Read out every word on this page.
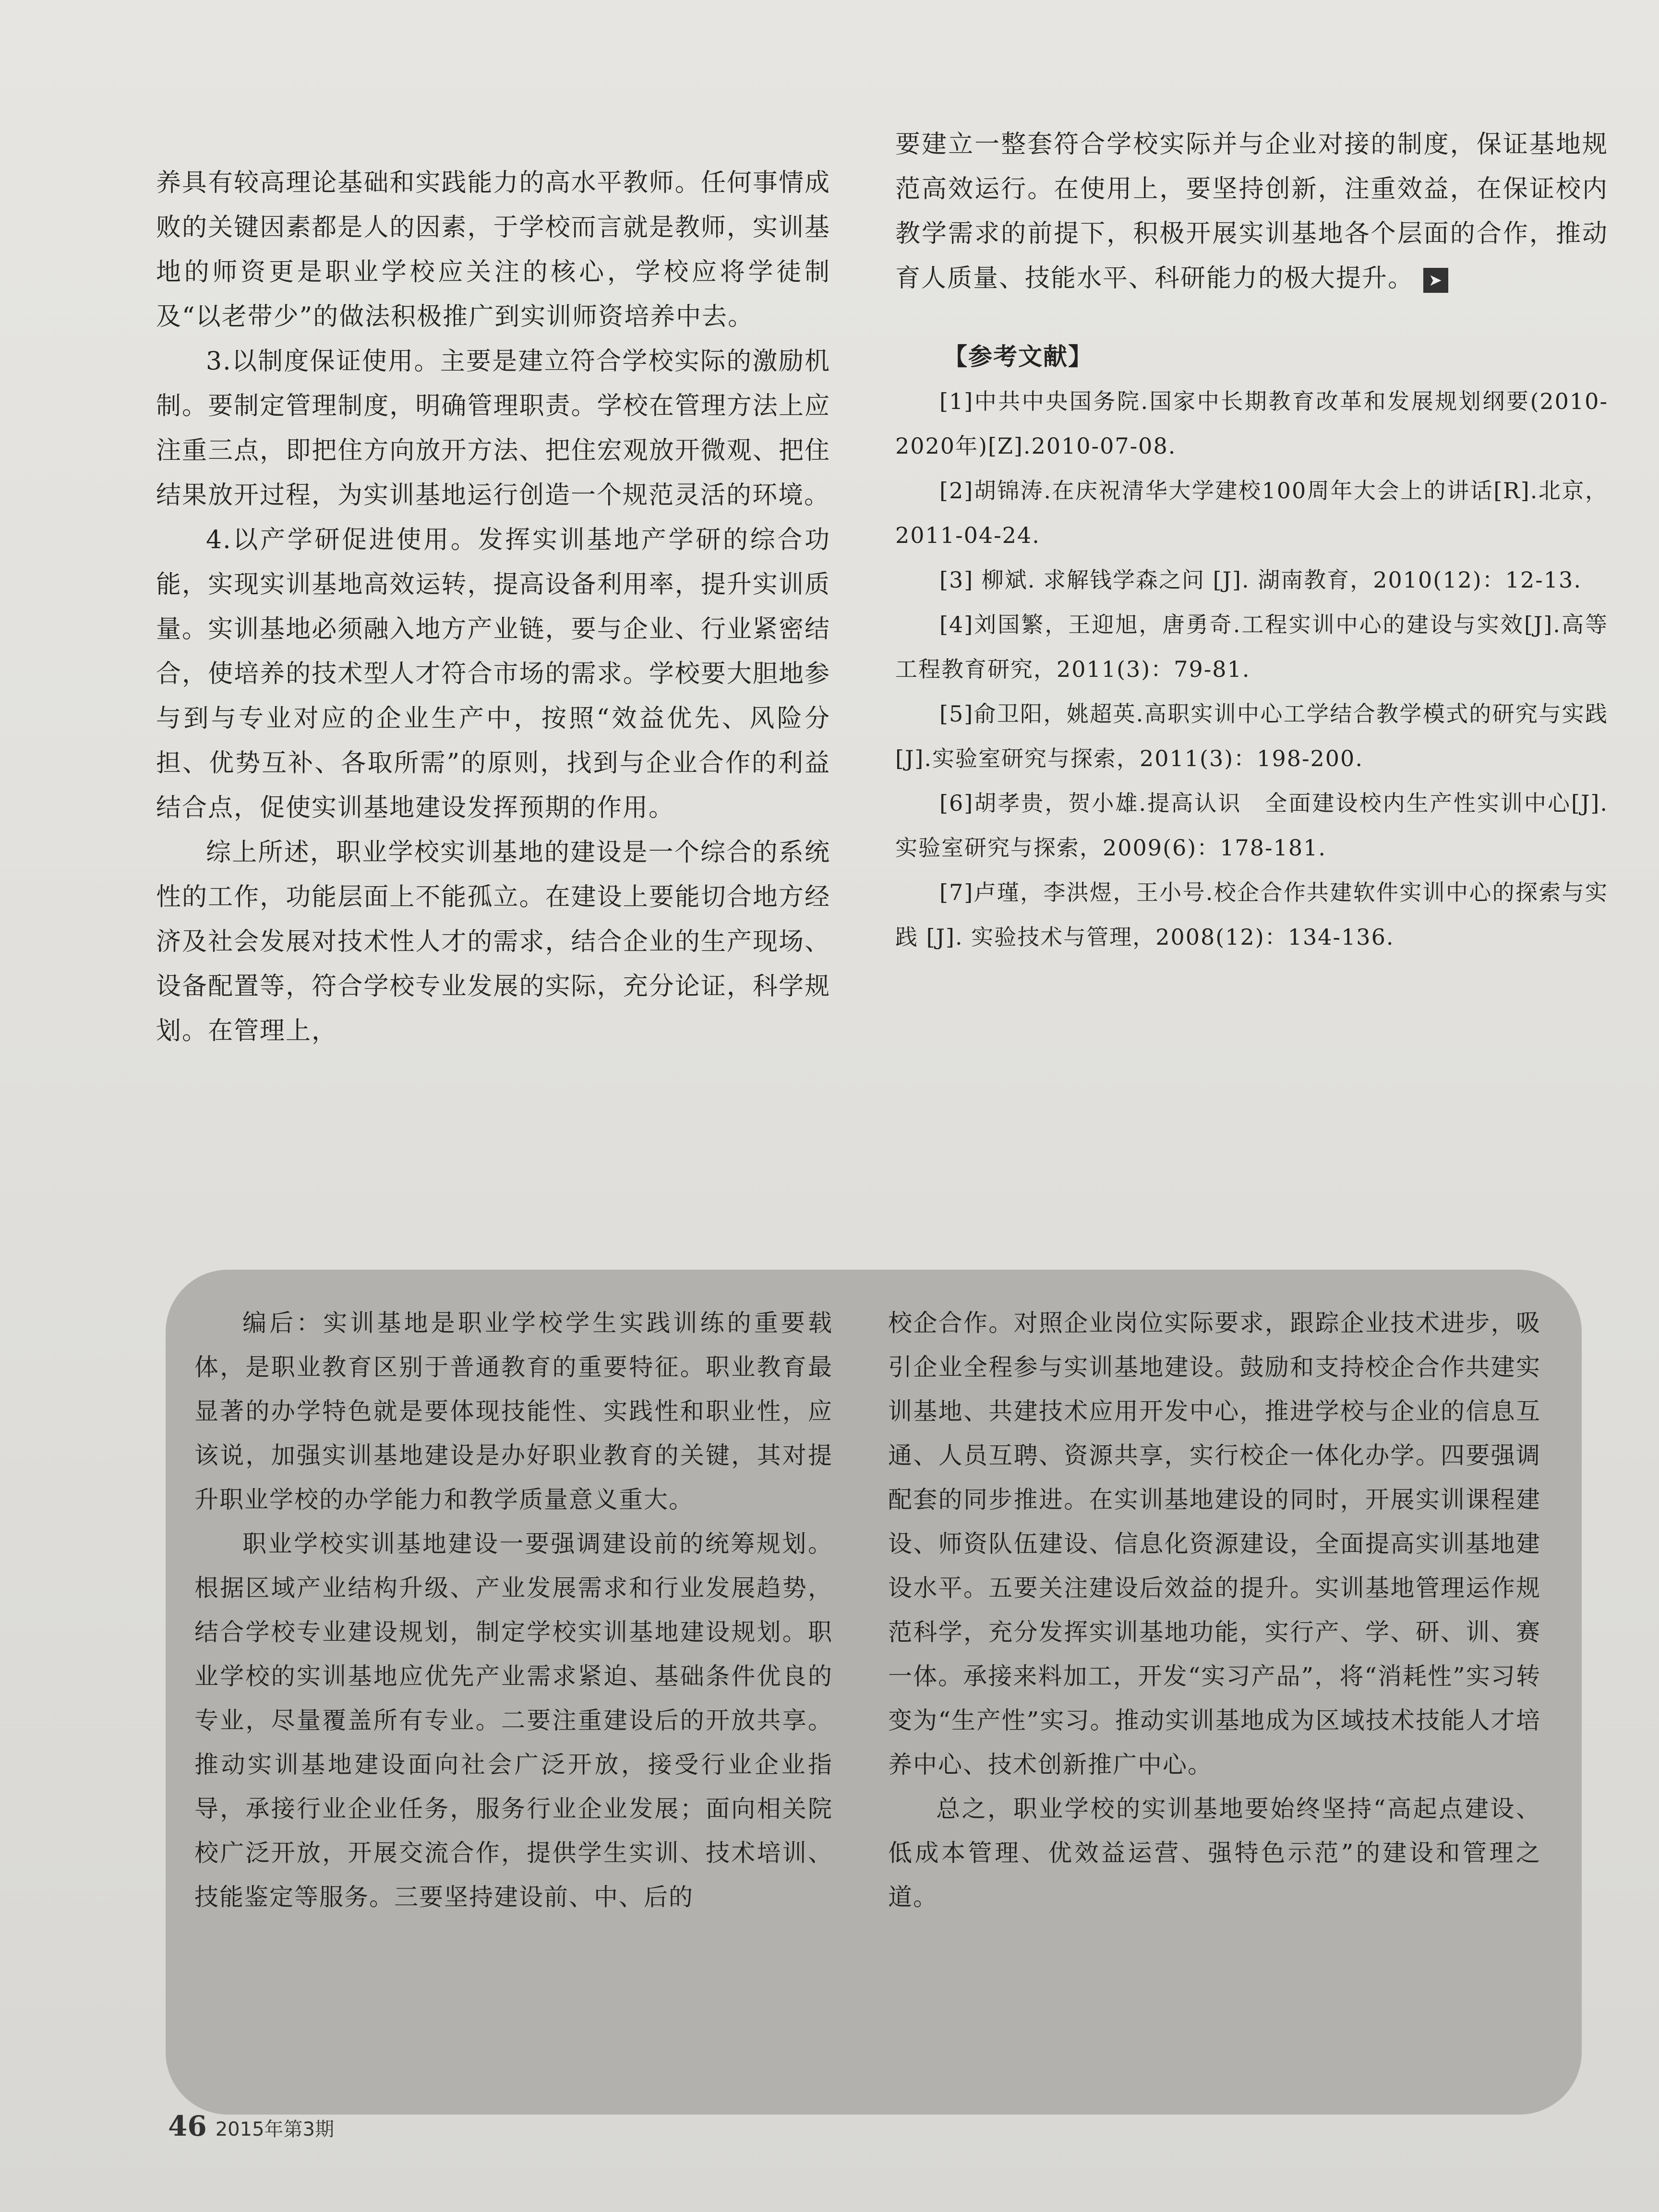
养具有较高理论基础和实践能力的高水平教师。任何事情成败的关键因素都是人的因素，于学校而言就是教师，实训基地的师资更是职业学校应关注的核心，学校应将学徒制及“以老带少”的做法积极推广到实训师资培养中去。

3.以制度保证使用。主要是建立符合学校实际的激励机制。要制定管理制度，明确管理职责。学校在管理方法上应注重三点，即把住方向放开方法、把住宏观放开微观、把住结果放开过程，为实训基地运行创造一个规范灵活的环境。

4.以产学研促进使用。发挥实训基地产学研的综合功能，实现实训基地高效运转，提高设备利用率，提升实训质量。实训基地必须融入地方产业链，要与企业、行业紧密结合，使培养的技术型人才符合市场的需求。学校要大胆地参与到与专业对应的企业生产中，按照“效益优先、风险分担、优势互补、各取所需”的原则，找到与企业合作的利益结合点，促使实训基地建设发挥预期的作用。

综上所述，职业学校实训基地的建设是一个综合的系统性的工作，功能层面上不能孤立。在建设上要能切合地方经济及社会发展对技术性人才的需求，结合企业的生产现场、设备配置等，符合学校专业发展的实际，充分论证，科学规划。在管理上，

要建立一整套符合学校实际并与企业对接的制度，保证基地规范高效运行。在使用上，要坚持创新，注重效益，在保证校内教学需求的前提下，积极开展实训基地各个层面的合作，推动育人质量、技能水平、科研能力的极大提升。 ➤

【参考文献】
[1]中共中央国务院.国家中长期教育改革和发展规划纲要(2010-2020年)[Z].2010-07-08.
[2]胡锦涛.在庆祝清华大学建校100周年大会上的讲话[R].北京，2011-04-24.
[3] 柳斌. 求解钱学森之问 [J]. 湖南教育，2010(12)：12-13.
[4]刘国繁，王迎旭，唐勇奇.工程实训中心的建设与实效[J].高等工程教育研究，2011(3)：79-81.
[5]俞卫阳，姚超英.高职实训中心工学结合教学模式的研究与实践[J].实验室研究与探索，2011(3)：198-200.
[6]胡孝贵，贺小雄.提高认识　全面建设校内生产性实训中心[J].实验室研究与探索，2009(6)：178-181.
[7]卢瑾，李洪煜，王小号.校企合作共建软件实训中心的探索与实践 [J]. 实验技术与管理，2008(12)：134-136.

编后：实训基地是职业学校学生实践训练的重要载体，是职业教育区别于普通教育的重要特征。职业教育最显著的办学特色就是要体现技能性、实践性和职业性，应该说，加强实训基地建设是办好职业教育的关键，其对提升职业学校的办学能力和教学质量意义重大。

职业学校实训基地建设一要强调建设前的统筹规划。根据区域产业结构升级、产业发展需求和行业发展趋势，结合学校专业建设规划，制定学校实训基地建设规划。职业学校的实训基地应优先产业需求紧迫、基础条件优良的专业，尽量覆盖所有专业。二要注重建设后的开放共享。推动实训基地建设面向社会广泛开放，接受行业企业指导，承接行业企业任务，服务行业企业发展；面向相关院校广泛开放，开展交流合作，提供学生实训、技术培训、技能鉴定等服务。三要坚持建设前、中、后的

校企合作。对照企业岗位实际要求，跟踪企业技术进步，吸引企业全程参与实训基地建设。鼓励和支持校企合作共建实训基地、共建技术应用开发中心，推进学校与企业的信息互通、人员互聘、资源共享，实行校企一体化办学。四要强调配套的同步推进。在实训基地建设的同时，开展实训课程建设、师资队伍建设、信息化资源建设，全面提高实训基地建设水平。五要关注建设后效益的提升。实训基地管理运作规范科学，充分发挥实训基地功能，实行产、学、研、训、赛一体。承接来料加工，开发“实习产品”，将“消耗性”实习转变为“生产性”实习。推动实训基地成为区域技术技能人才培养中心、技术创新推广中心。

总之，职业学校的实训基地要始终坚持“高起点建设、低成本管理、优效益运营、强特色示范”的建设和管理之道。

46 2015年第3期
